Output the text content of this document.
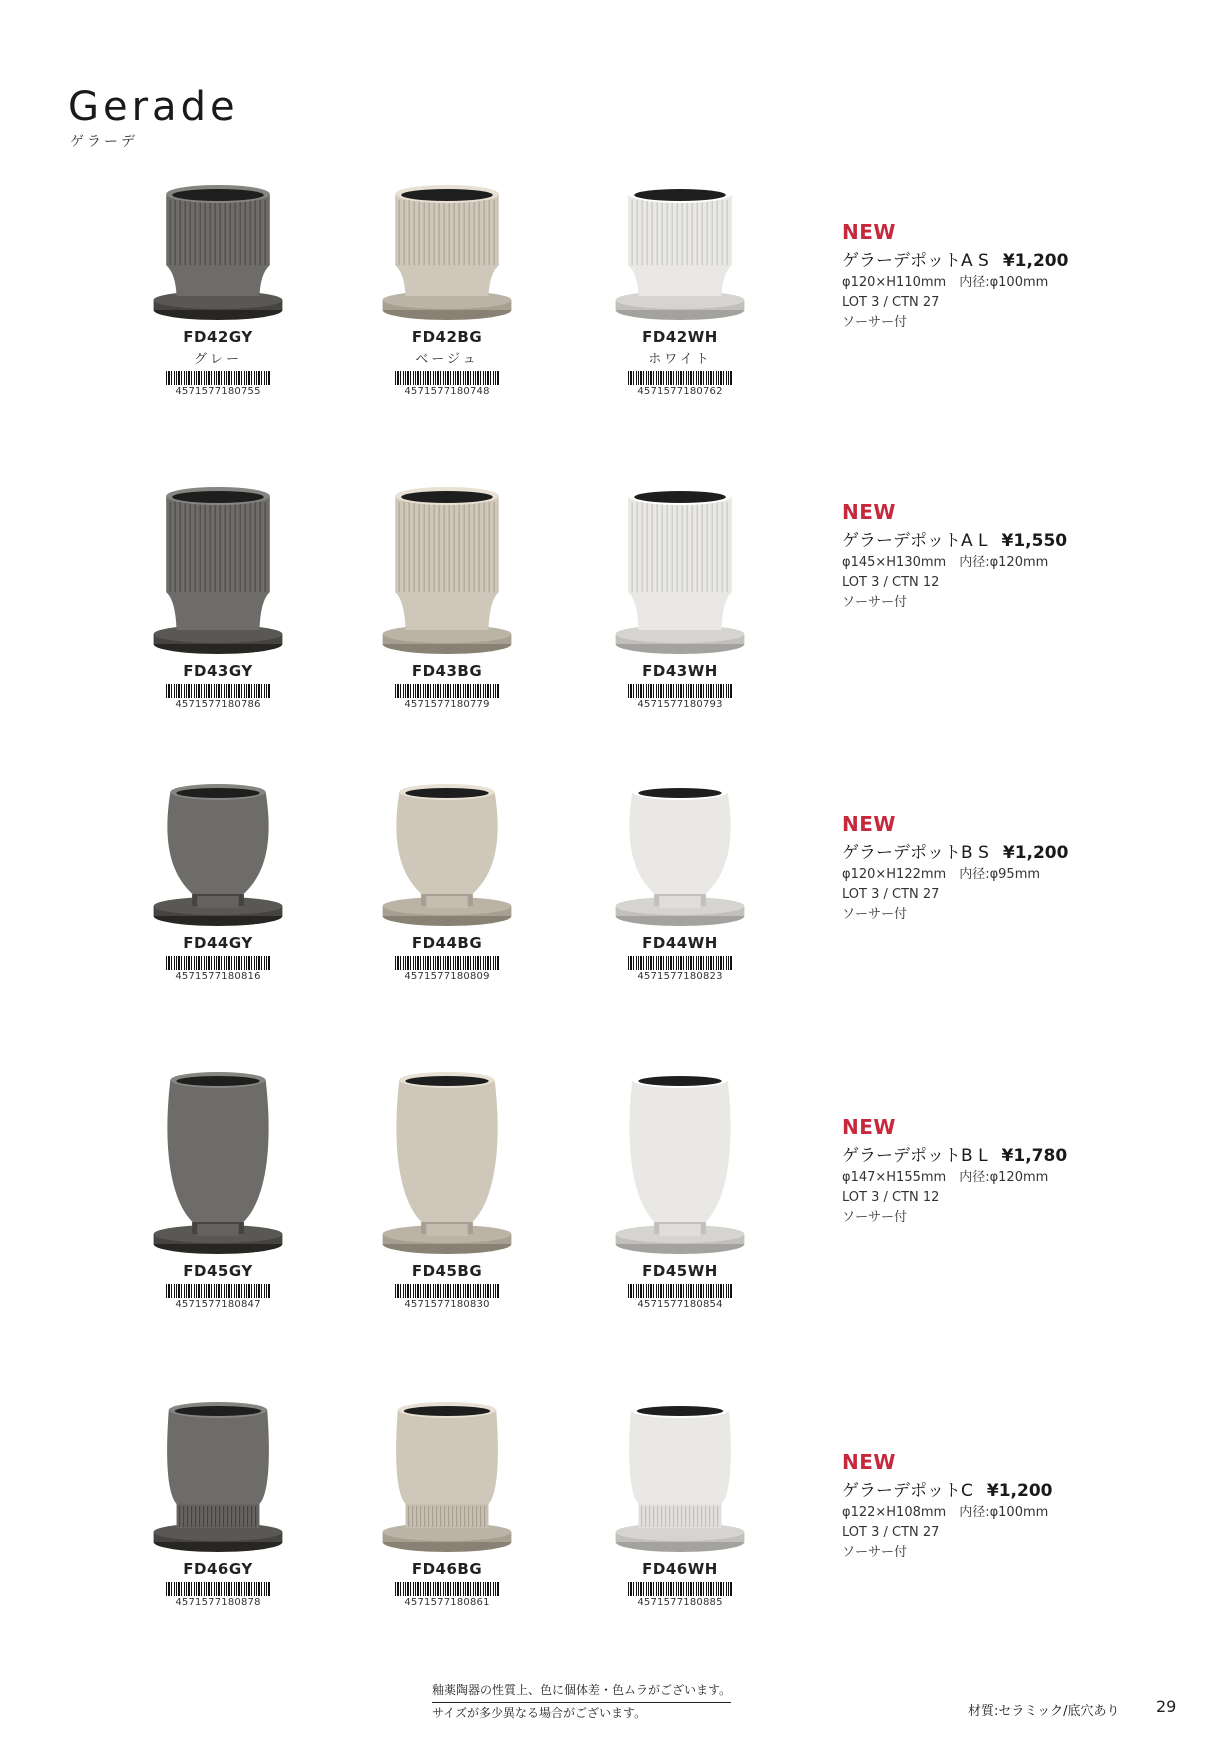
Gerade
ゲラーデ
FD42GY
グレー
4571577180755
FD42BG
ベージュ
4571577180748
FD42WH
ホワイト
4571577180762
NEW
ゲラーデポットA S ¥1,200
φ120×H110mm　内径:φ100mm
LOT 3 / CTN 27
ソーサー付
FD43GY
4571577180786
FD43BG
4571577180779
FD43WH
4571577180793
NEW
ゲラーデポットA L ¥1,550
φ145×H130mm　内径:φ120mm
LOT 3 / CTN 12
ソーサー付
FD44GY
4571577180816
FD44BG
4571577180809
FD44WH
4571577180823
NEW
ゲラーデポットB S ¥1,200
φ120×H122mm　内径:φ95mm
LOT 3 / CTN 27
ソーサー付
FD45GY
4571577180847
FD45BG
4571577180830
FD45WH
4571577180854
NEW
ゲラーデポットB L ¥1,780
φ147×H155mm　内径:φ120mm
LOT 3 / CTN 12
ソーサー付
FD46GY
4571577180878
FD46BG
4571577180861
FD46WH
4571577180885
NEW
ゲラーデポットC ¥1,200
φ122×H108mm　内径:φ100mm
LOT 3 / CTN 27
ソーサー付
釉薬陶器の性質上、色に個体差・色ムラがございます。
サイズが多少異なる場合がございます。	材質:セラミック/底穴あり 29
